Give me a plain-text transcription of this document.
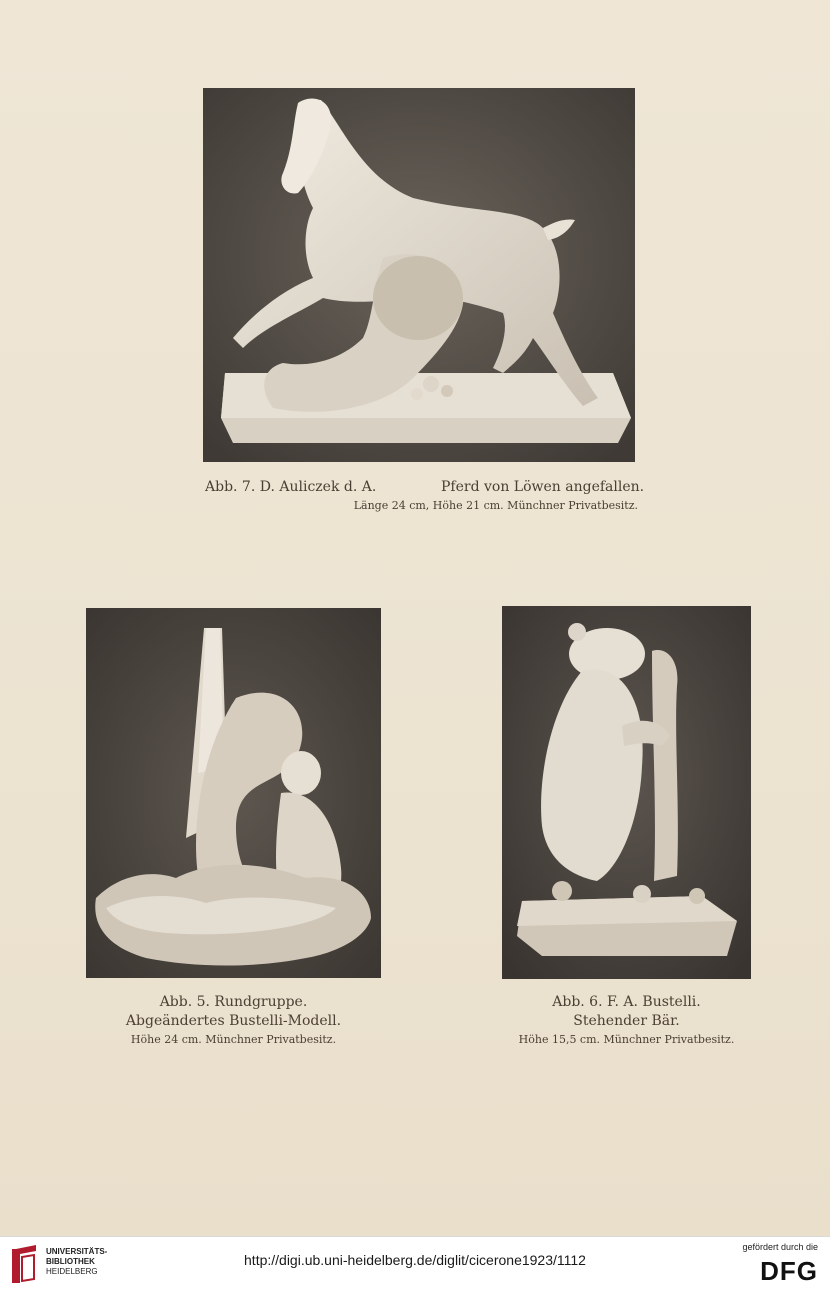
Abb. 7. D. Auliczek d. A.	Pferd von Löwen angefallen.
Länge 24 cm, Höhe 21 cm. Münchner Privatbesitz.
Abb. 5. Rundgruppe.
Abgeändertes Bustelli-Modell.
Höhe 24 cm. Münchner Privatbesitz.
Abb. 6. F. A. Bustelli.
Stehender Bär.
Höhe 15,5 cm. Münchner Privatbesitz.
UNIVERSITÄTS-
BIBLIOTHEK
HEIDELBERG
http://digi.ub.uni-heidelberg.de/diglit/cicerone1923/1112
gefördert durch die
DFG
